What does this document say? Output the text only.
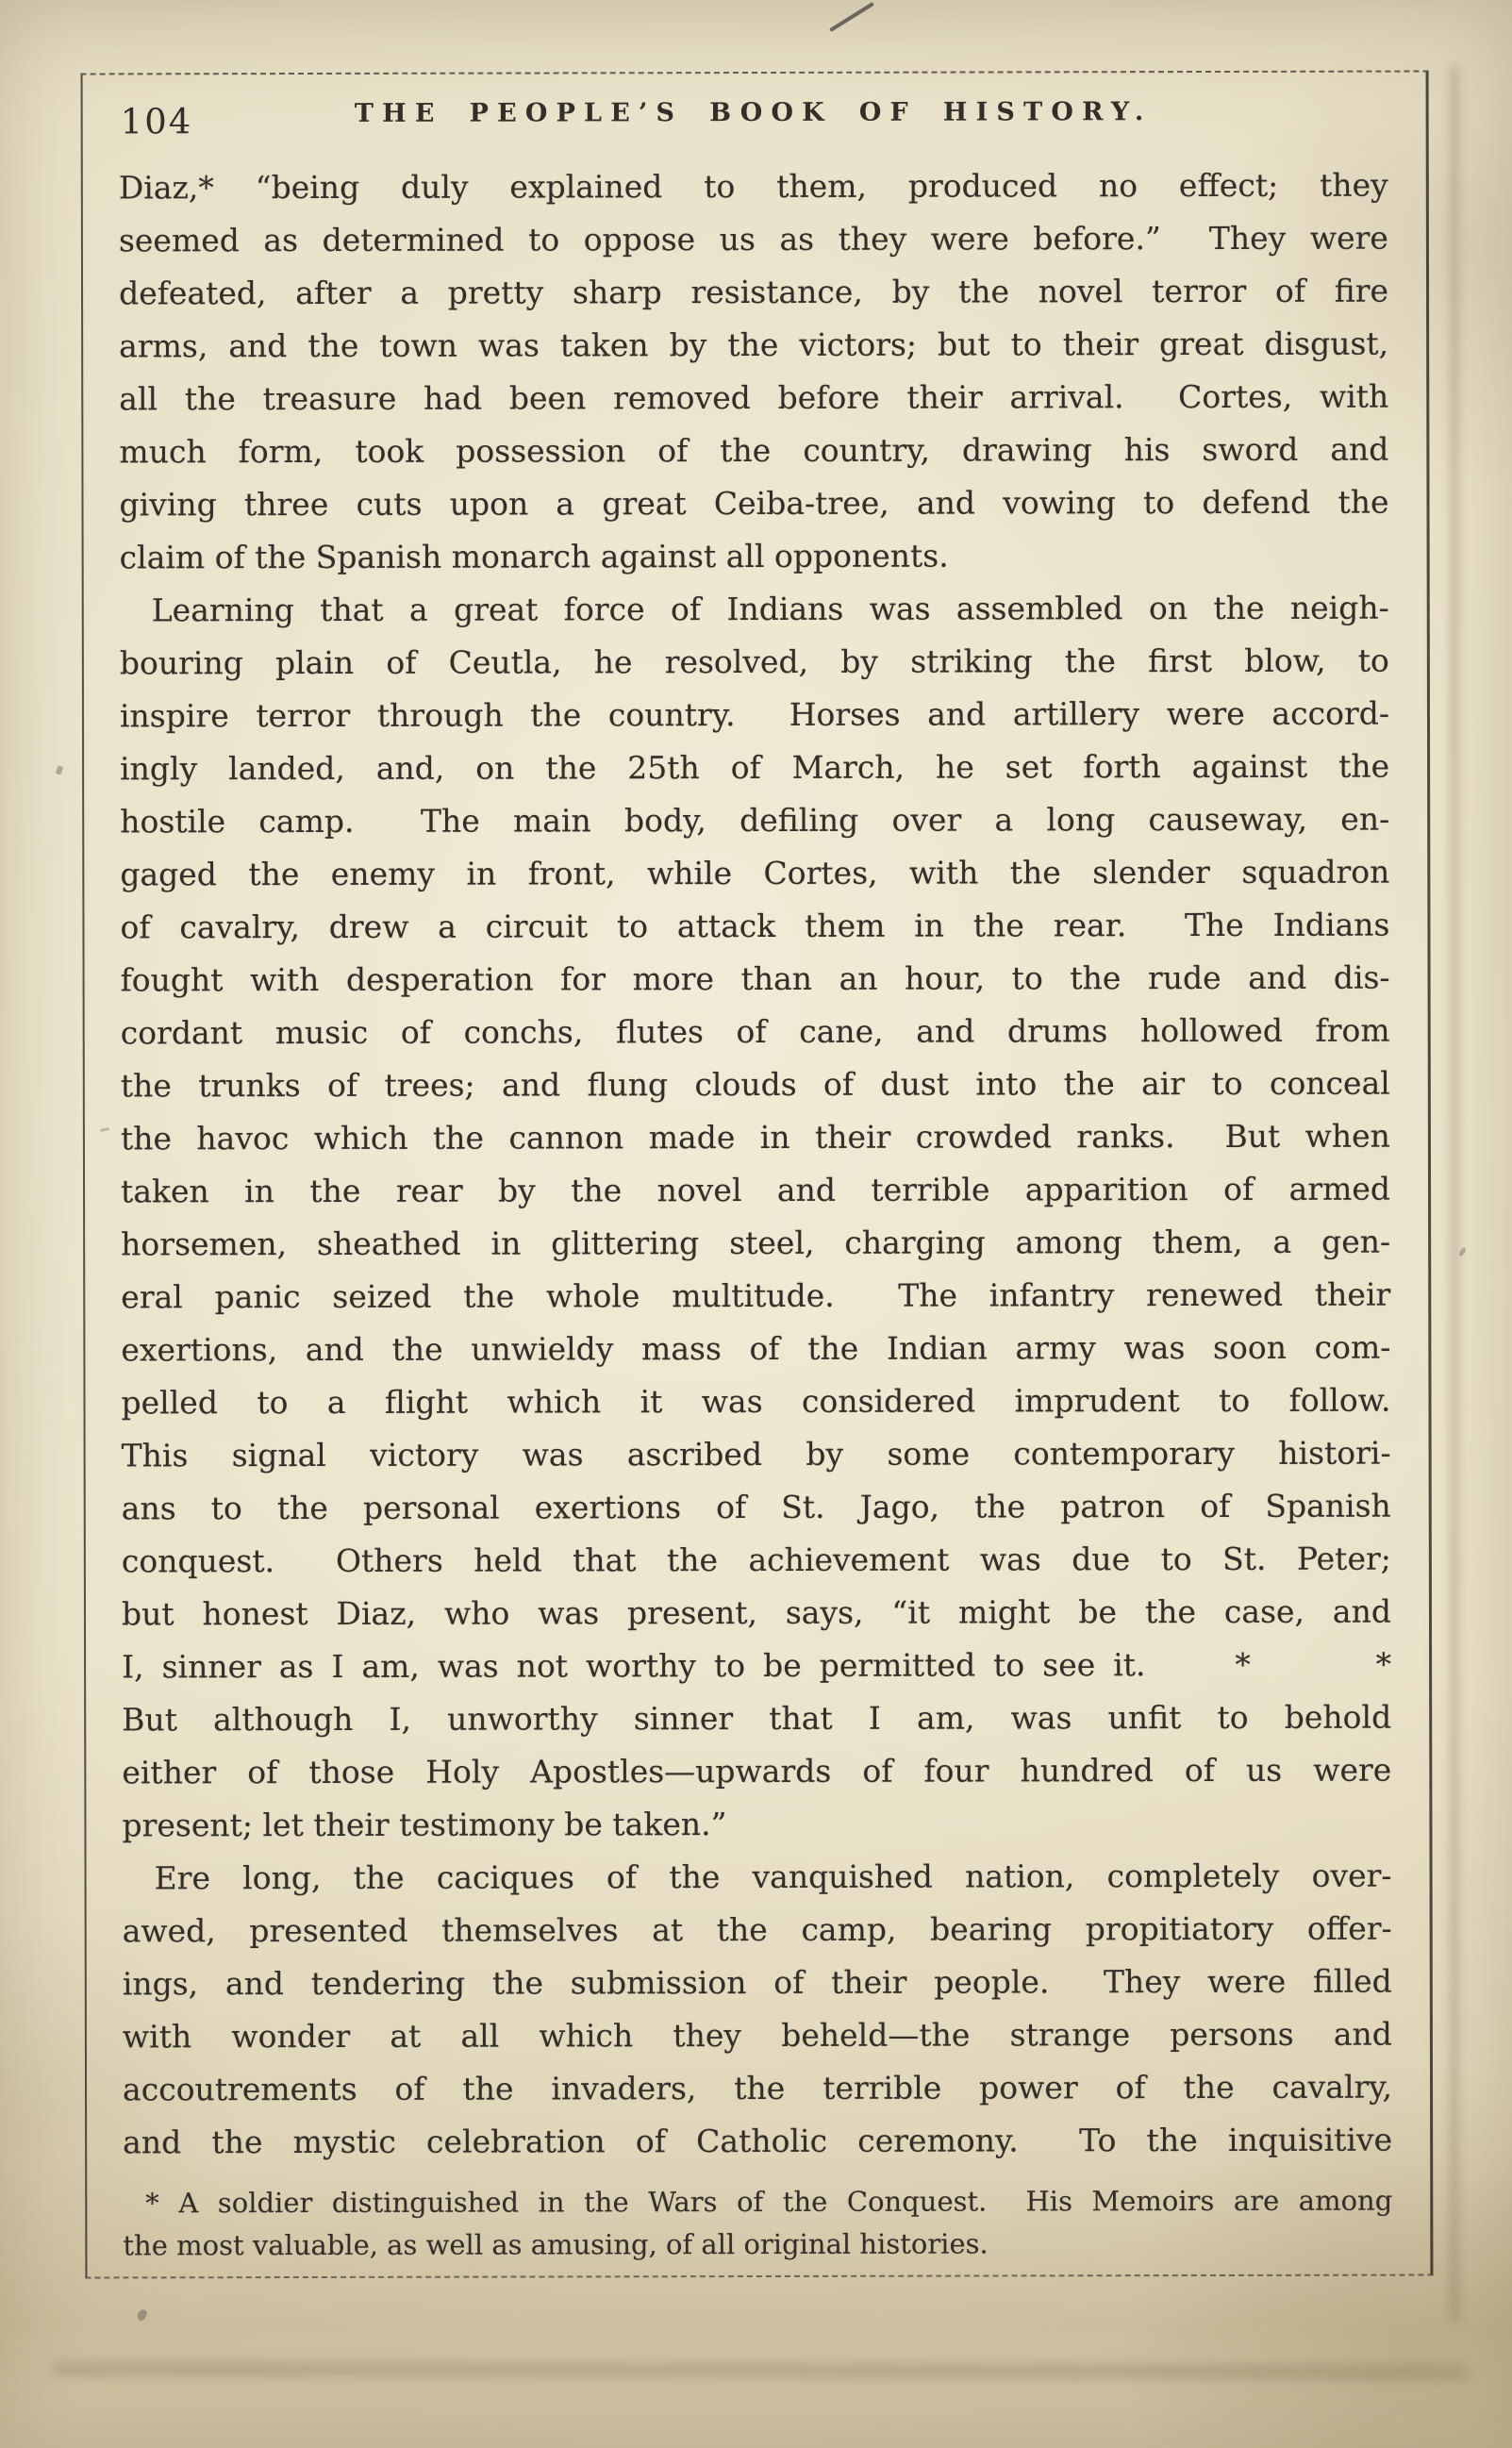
104	THE PEOPLE’S BOOK OF HISTORY.
Diaz,* “being duly explained to them, produced no effect; they
seemed as determined to oppose us as they were before.”  They were
defeated, after a pretty sharp resistance, by the novel terror of fire
arms, and the town was taken by the victors; but to their great disgust,
all the treasure had been removed before their arrival.  Cortes, with
much form, took possession of the country, drawing his sword and
giving three cuts upon a great Ceiba-tree, and vowing to defend the
claim of the Spanish monarch against all opponents.
Learning that a great force of Indians was assembled on the neigh-
bouring plain of Ceutla, he resolved, by striking the first blow, to
inspire terror through the country.  Horses and artillery were accord-
ingly landed, and, on the 25th of March, he set forth against the
hostile camp.  The main body, defiling over a long causeway, en-
gaged the enemy in front, while Cortes, with the slender squadron
of cavalry, drew a circuit to attack them in the rear.  The Indians
fought with desperation for more than an hour, to the rude and dis-
cordant music of conchs, flutes of cane, and drums hollowed from
the trunks of trees; and flung clouds of dust into the air to conceal
the havoc which the cannon made in their crowded ranks.  But when
taken in the rear by the novel and terrible apparition of armed
horsemen, sheathed in glittering steel, charging among them, a gen-
eral panic seized the whole multitude.  The infantry renewed their
exertions, and the unwieldy mass of the Indian army was soon com-
pelled to a flight which it was considered imprudent to follow.
This signal victory was ascribed by some contemporary histori-
ans to the personal exertions of St. Jago, the patron of Spanish
conquest.  Others held that the achievement was due to St. Peter;
but honest Diaz, who was present, says, “it might be the case, and
I, sinner as I am, was not worthy to be permitted to see it.     *       *
But although I, unworthy sinner that I am, was unfit to behold
either of those Holy Apostles—upwards of four hundred of us were
present; let their testimony be taken.”
Ere long, the caciques of the vanquished nation, completely over-
awed, presented themselves at the camp, bearing propitiatory offer-
ings, and tendering the submission of their people.  They were filled
with wonder at all which they beheld—the strange persons and
accoutrements of the invaders, the terrible power of the cavalry,
and the mystic celebration of Catholic ceremony.  To the inquisitive
* A soldier distinguished in the Wars of the Conquest.  His Memoirs are among
the most valuable, as well as amusing, of all original histories.
